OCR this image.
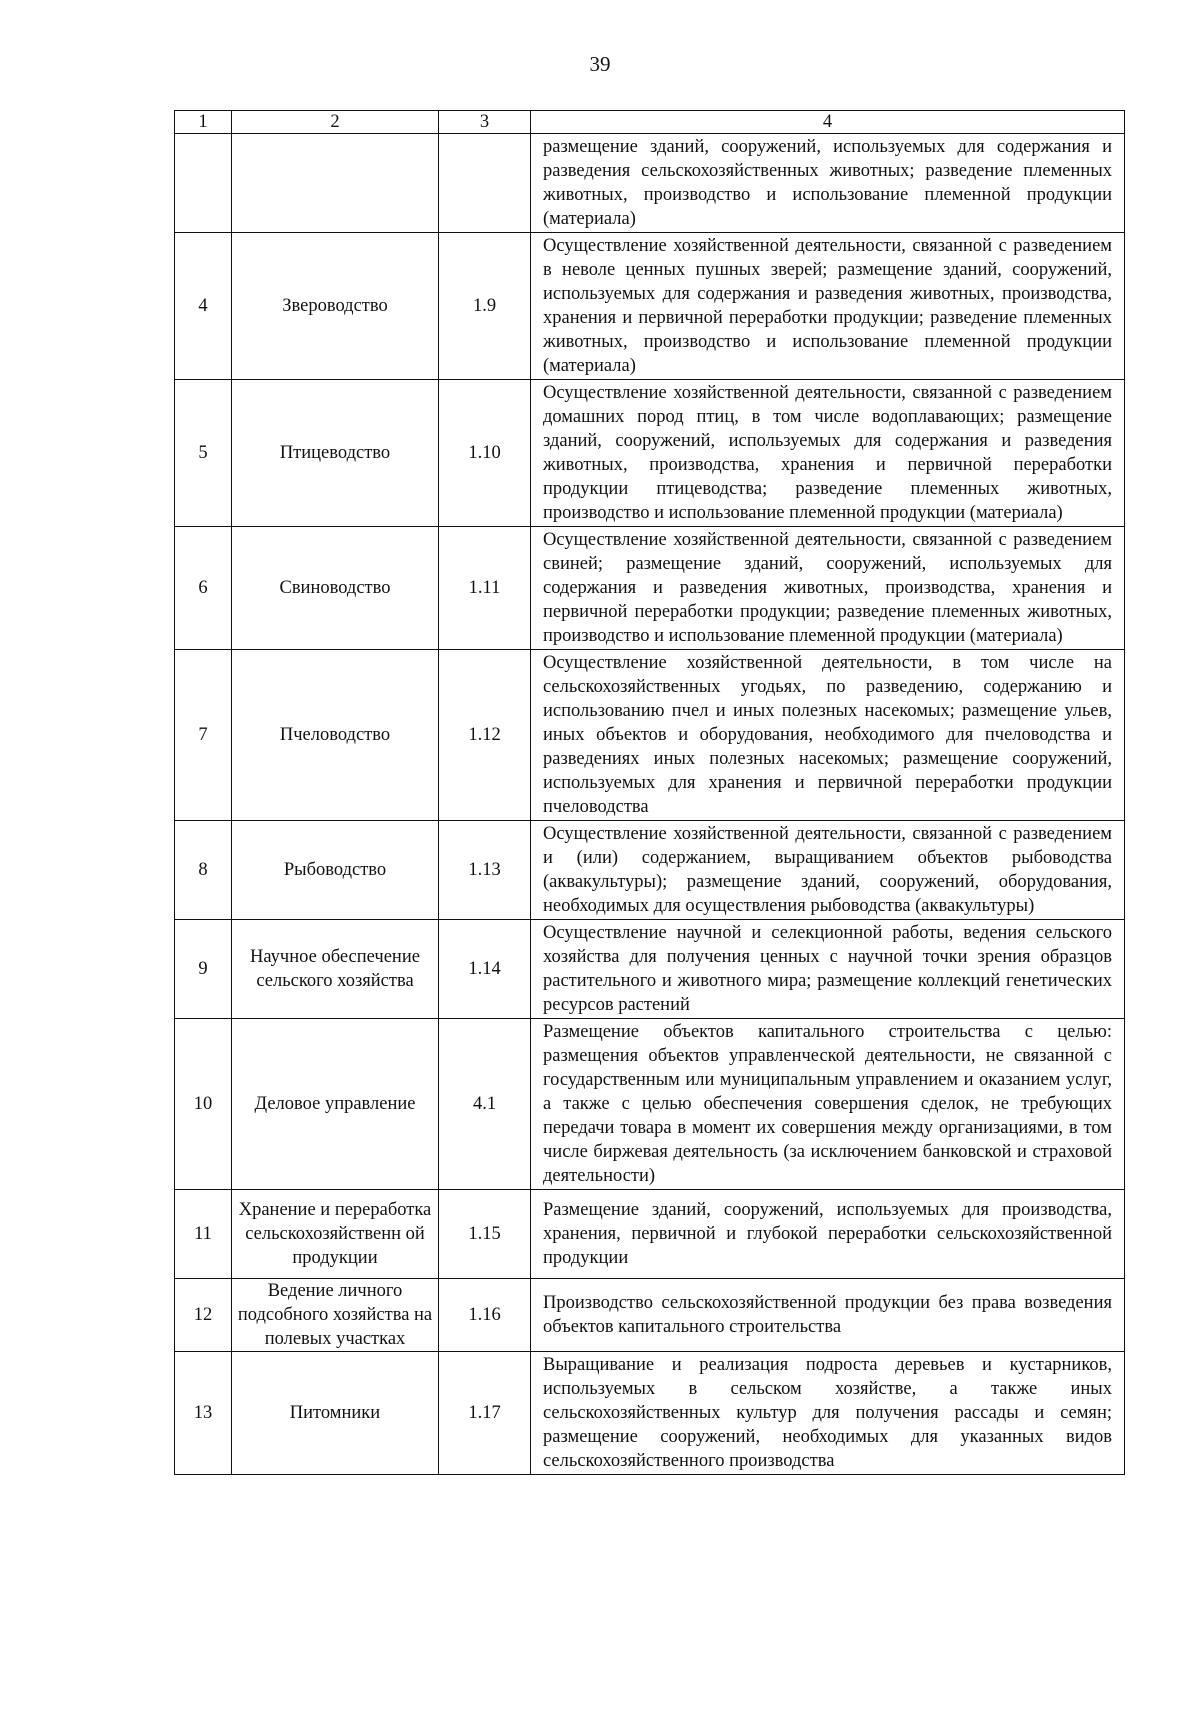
39
1	2	3	4
			размещение зданий, сооружений, используемых для содержания и разведения сельскохозяйственных животных; разведение племенных животных, производство и использование племенной продукции (материала)
4	Звероводство	1.9	Осуществление хозяйственной деятельности, связанной с разведением в неволе ценных пушных зверей; размещение зданий, сооружений, используемых для содержания и разведения животных, производства, хранения и первичной переработки продукции; разведение племенных животных, производство и использование племенной продукции (материала)
5	Птицеводство	1.10	Осуществление хозяйственной деятельности, связанной с разведением домашних пород птиц, в том числе водоплавающих; размещение зданий, сооружений, используемых для содержания и разведения животных, производства, хранения и первичной переработки продукции птицеводства; разведение племенных животных, производство и использование племенной продукции (материала)
6	Свиноводство	1.11	Осуществление хозяйственной деятельности, связанной с разведением свиней; размещение зданий, сооружений, используемых для содержания и разведения животных, производства, хранения и первичной переработки продукции; разведение племенных животных, производство и использование племенной продукции (материала)
7	Пчеловодство	1.12	Осуществление хозяйственной деятельности, в том числе на сельскохозяйственных угодьях, по разведению, содержанию и использованию пчел и иных полезных насекомых; размещение ульев, иных объектов и оборудования, необходимого для пчеловодства и разведениях иных полезных насекомых; размещение сооружений, используемых для хранения и первичной переработки продукции пчеловодства
8	Рыбоводство	1.13	Осуществление хозяйственной деятельности, связанной с разведением и (или) содержанием, выращиванием объектов рыбоводства (аквакультуры); размещение зданий, сооружений, оборудования, необходимых для осуществления рыбоводства (аквакультуры)
9	Научное обеспечение сельского хозяйства	1.14	Осуществление научной и селекционной работы, ведения сельского хозяйства для получения ценных с научной точки зрения образцов растительного и животного мира; размещение коллекций генетических ресурсов растений
10	Деловое управление	4.1	Размещение объектов капитального строительства с целью: размещения объектов управленческой деятельности, не связанной с государственным или муниципальным управлением и оказанием услуг, а также с целью обеспечения совершения сделок, не требующих передачи товара в момент их совершения между организациями, в том числе биржевая деятельность (за исключением банковской и страховой деятельности)
11	Хранение и переработка сельскохозяйственн ой продукции	1.15	Размещение зданий, сооружений, используемых для производства, хранения, первичной и глубокой переработки сельскохозяйственной продукции
12	Ведение личного подсобного хозяйства на полевых участках	1.16	Производство сельскохозяйственной продукции без права возведения объектов капитального строительства
13	Питомники	1.17	Выращивание и реализация подроста деревьев и кустарников, используемых в сельском хозяйстве, а также иных сельскохозяйственных культур для получения рассады и семян; размещение сооружений, необходимых для указанных видов сельскохозяйственного производства
